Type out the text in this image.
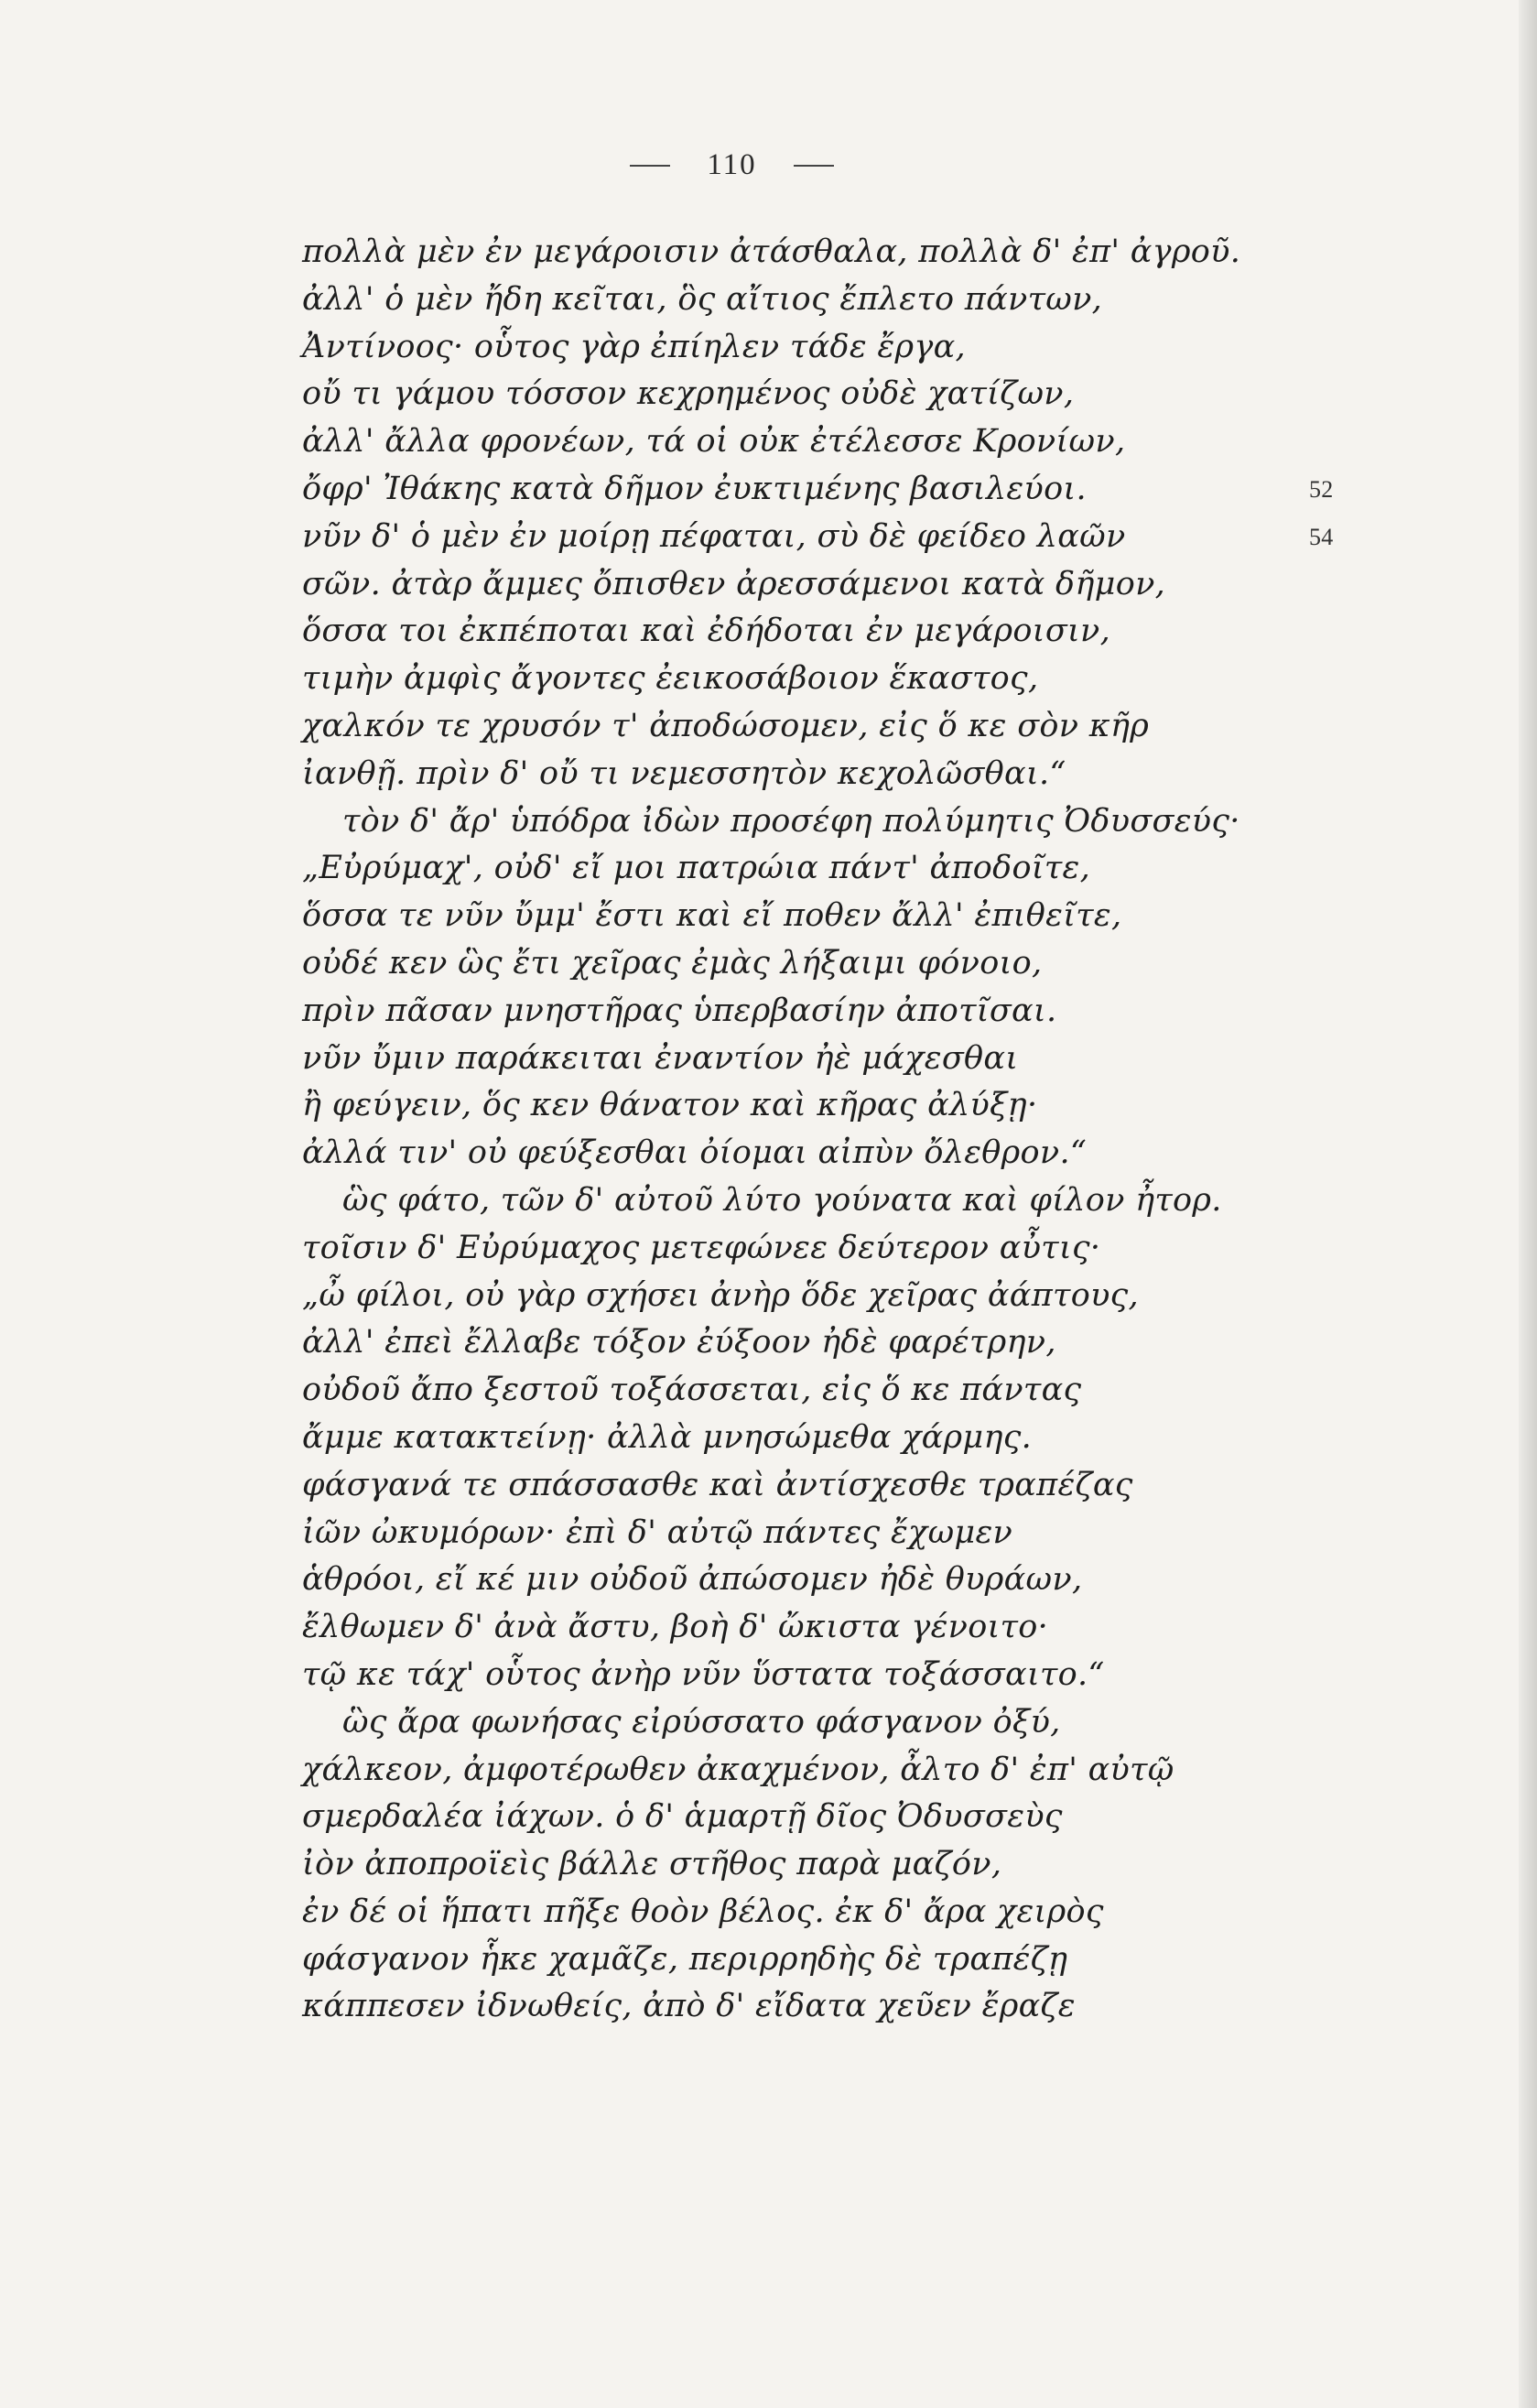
110
πολλὰ μὲν ἐν μεγάροισιν ἀτάσθαλα, πολλὰ δ' ἐπ' ἀγροῦ.
ἀλλ' ὁ μὲν ἤδη κεῖται, ὃς αἴτιος ἔπλετο πάντων,
Ἀντίνοος· οὗτος γὰρ ἐπίηλεν τάδε ἔργα,
οὔ τι γάμου τόσσον κεχρημένος οὐδὲ χατίζων,
ἀλλ' ἄλλα φρονέων, τά οἱ οὐκ ἐτέλεσσε Κρονίων,
ὄφρ' Ἰθάκης κατὰ δῆμον ἐυκτιμένης βασιλεύοι.	52
νῦν δ' ὁ μὲν ἐν μοίρῃ πέφαται, σὺ δὲ φείδεο λαῶν	54
σῶν. ἀτὰρ ἄμμες ὄπισθεν ἀρεσσάμενοι κατὰ δῆμον,
ὅσσα τοι ἐκπέποται καὶ ἐδήδοται ἐν μεγάροισιν,
τιμὴν ἀμφὶς ἄγοντες ἐεικοσάβοιον ἕκαστος,
χαλκόν τε χρυσόν τ' ἀποδώσομεν, εἰς ὅ κε σὸν κῆρ
ἰανθῇ. πρὶν δ' οὔ τι νεμεσσητὸν κεχολῶσθαι.“
τὸν δ' ἄρ' ὑπόδρα ἰδὼν προσέφη πολύμητις Ὀδυσσεύς·
„Εὐρύμαχ', οὐδ' εἴ μοι πατρώια πάντ' ἀποδοῖτε,
ὅσσα τε νῦν ὔμμ' ἔστι καὶ εἴ ποθεν ἄλλ' ἐπιθεῖτε,
οὐδέ κεν ὣς ἔτι χεῖρας ἐμὰς λήξαιμι φόνοιο,
πρὶν πᾶσαν μνηστῆρας ὑπερβασίην ἀποτῖσαι.
νῦν ὔμιν παράκειται ἐναντίον ἠὲ μάχεσθαι
ἢ φεύγειν, ὅς κεν θάνατον καὶ κῆρας ἀλύξῃ·
ἀλλά τιν' οὐ φεύξεσθαι ὀίομαι αἰπὺν ὄλεθρον.“
ὣς φάτο, τῶν δ' αὐτοῦ λύτο γούνατα καὶ φίλον ἦτορ.
τοῖσιν δ' Εὐρύμαχος μετεφώνεε δεύτερον αὖτις·
„ὦ φίλοι, οὐ γὰρ σχήσει ἀνὴρ ὅδε χεῖρας ἀάπτους,
ἀλλ' ἐπεὶ ἔλλαβε τόξον ἐύξοον ἠδὲ φαρέτρην,
οὐδοῦ ἄπο ξεστοῦ τοξάσσεται, εἰς ὅ κε πάντας
ἄμμε κατακτείνῃ· ἀλλὰ μνησώμεθα χάρμης.
φάσγανά τε σπάσσασθε καὶ ἀντίσχεσθε τραπέζας
ἰῶν ὠκυμόρων· ἐπὶ δ' αὐτῷ πάντες ἔχωμεν
ἁθρόοι, εἴ κέ μιν οὐδοῦ ἀπώσομεν ἠδὲ θυράων,
ἔλθωμεν δ' ἀνὰ ἄστυ, βοὴ δ' ὤκιστα γένοιτο·
τῷ κε τάχ' οὗτος ἀνὴρ νῦν ὕστατα τοξάσσαιτο.“
ὣς ἄρα φωνήσας εἰρύσσατο φάσγανον ὀξύ,
χάλκεον, ἀμφοτέρωθεν ἀκαχμένον, ἆλτο δ' ἐπ' αὐτῷ
σμερδαλέα ἰάχων. ὁ δ' ἁμαρτῇ δῖος Ὀδυσσεὺς
ἰὸν ἀποπροϊεὶς βάλλε στῆθος παρὰ μαζόν,
ἐν δέ οἱ ἥπατι πῆξε θοὸν βέλος. ἐκ δ' ἄρα χειρὸς
φάσγανον ἧκε χαμᾶζε, περιρρηδὴς δὲ τραπέζῃ
κάππεσεν ἰδνωθείς, ἀπὸ δ' εἴδατα χεῦεν ἔραζε
